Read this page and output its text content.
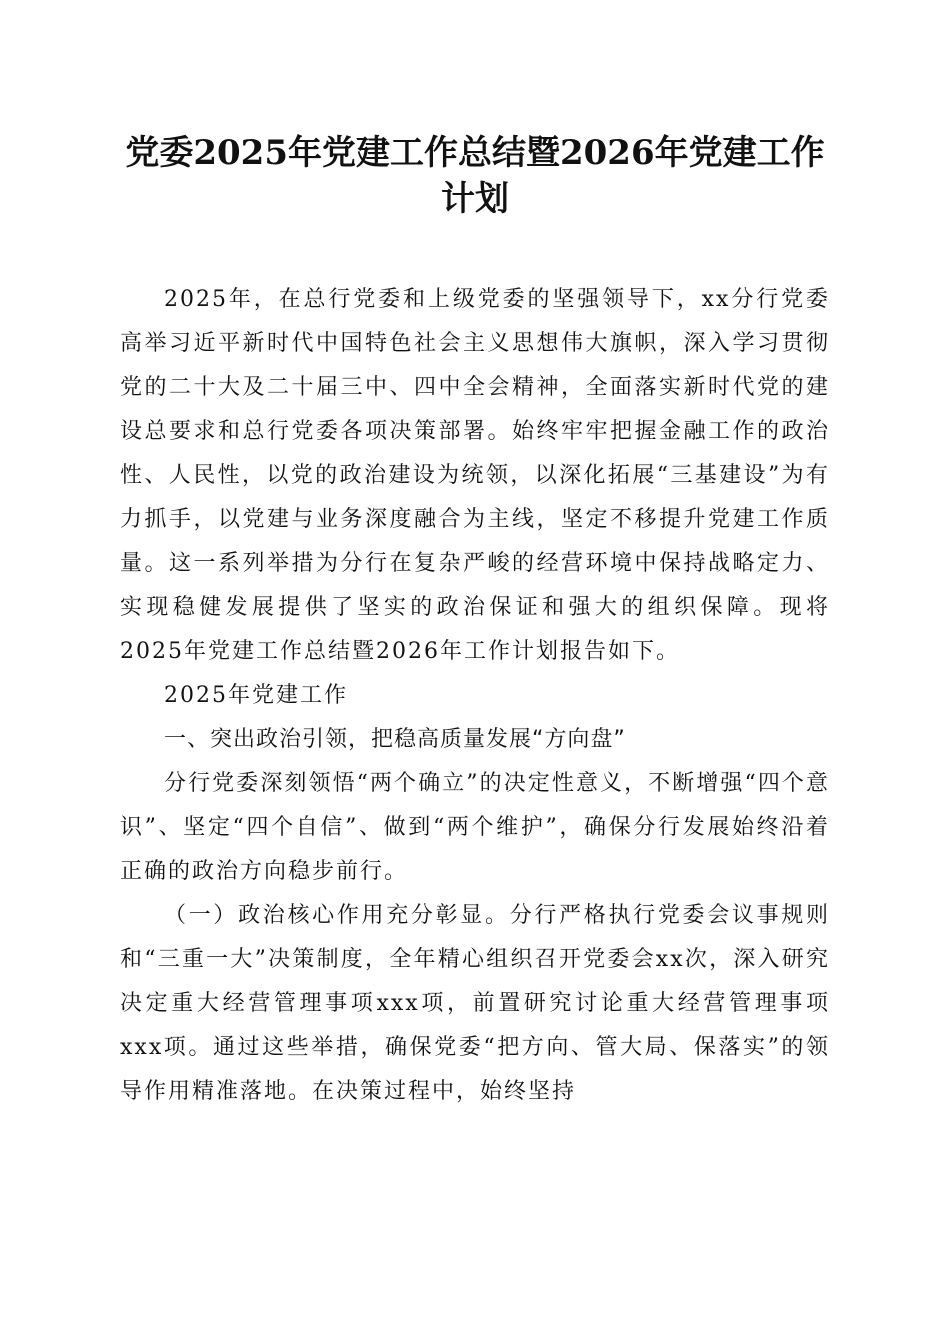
党委2025年党建工作总结暨2026年党建工作
计划

2025年，在总行党委和上级党委的坚强领导下，xx分行党委高举习近平新时代中国特色社会主义思想伟大旗帜，深入学习贯彻党的二十大及二十届三中、四中全会精神，全面落实新时代党的建设总要求和总行党委各项决策部署。始终牢牢把握金融工作的政治性、人民性，以党的政治建设为统领，以深化拓展“三基建设”为有力抓手，以党建与业务深度融合为主线，坚定不移提升党建工作质量。这一系列举措为分行在复杂严峻的经营环境中保持战略定力、实现稳健发展提供了坚实的政治保证和强大的组织保障。现将2025年党建工作总结暨2026年工作计划报告如下。

2025年党建工作

一、突出政治引领，把稳高质量发展“方向盘”

分行党委深刻领悟“两个确立”的决定性意义，不断增强“四个意识”、坚定“四个自信”、做到“两个维护”，确保分行发展始终沿着正确的政治方向稳步前行。

（一）政治核心作用充分彰显。分行严格执行党委会议事规则和“三重一大”决策制度，全年精心组织召开党委会xx次，深入研究决定重大经营管理事项xxx项，前置研究讨论重大经营管理事项xxx项。通过这些举措，确保党委“把方向、管大局、保落实”的领导作用精准落地。在决策过程中，始终坚持
